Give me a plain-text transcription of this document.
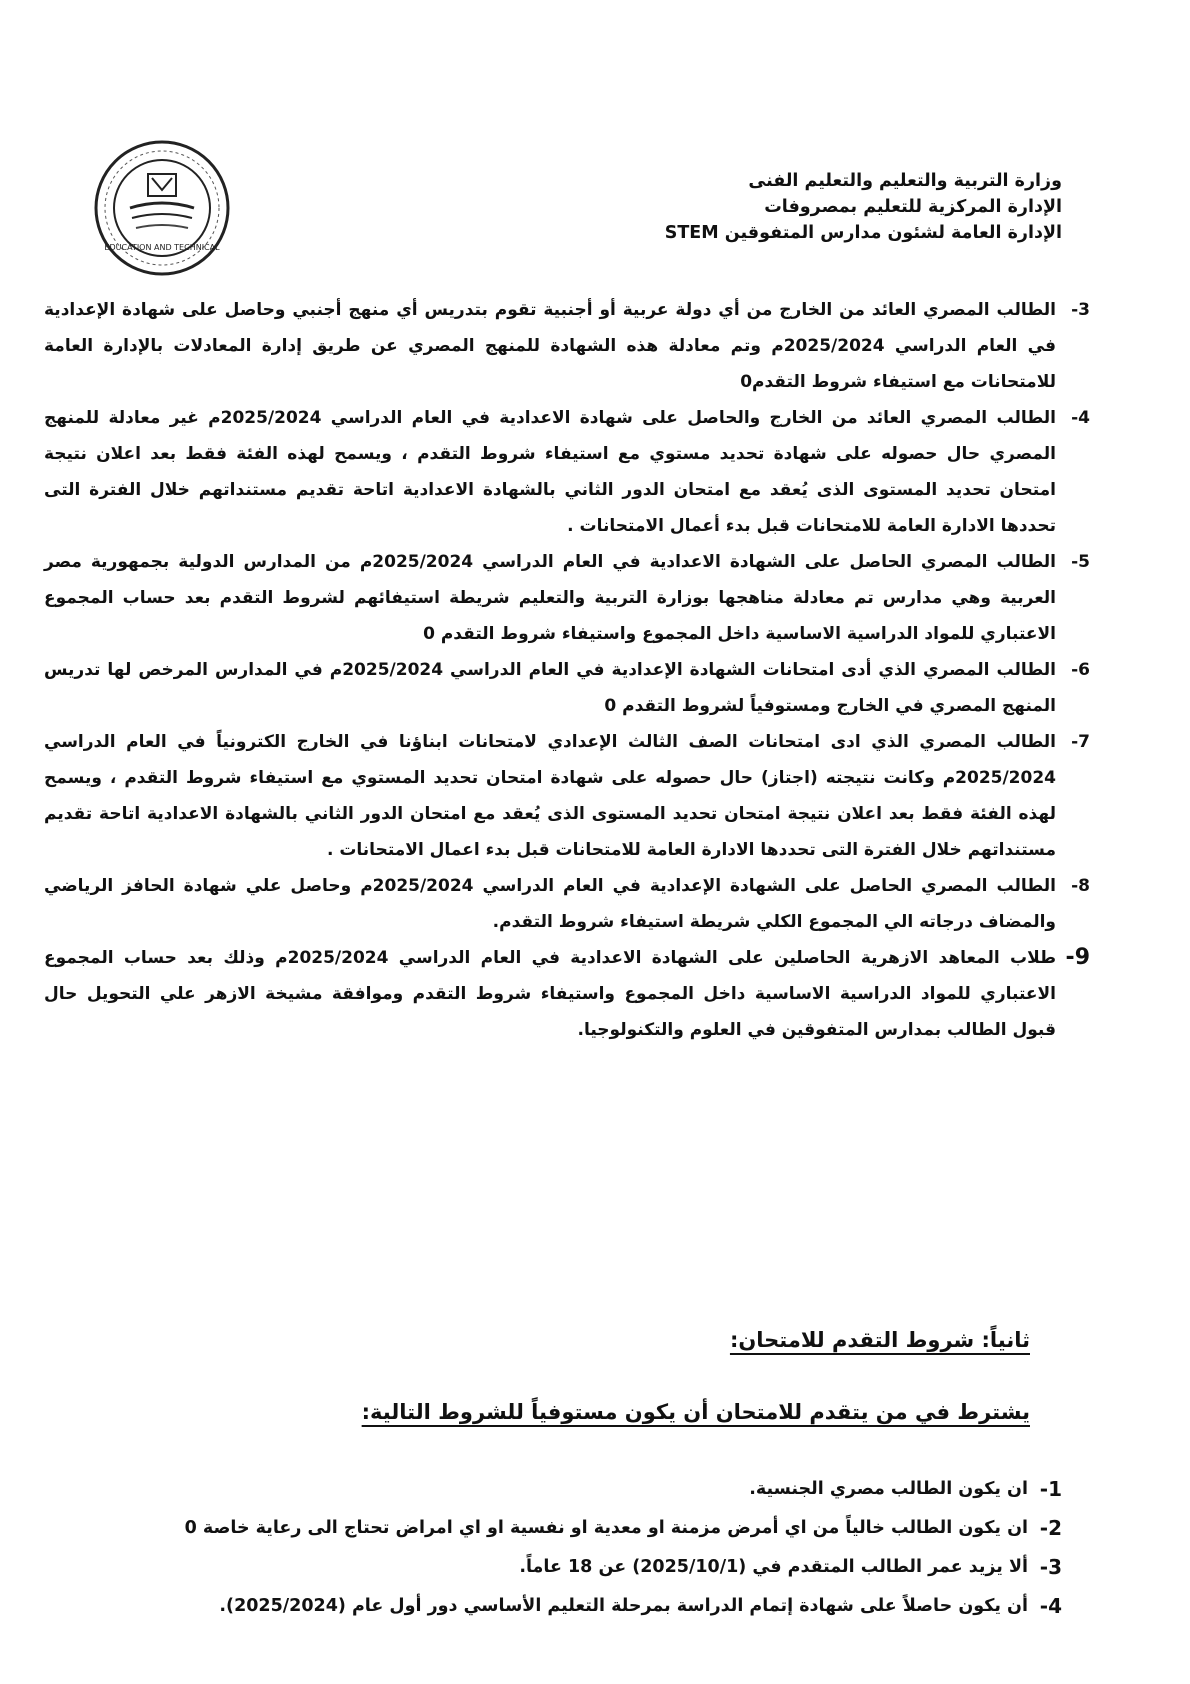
EDUCATION AND TECHNICAL
وزارة التربية والتعليم والتعليم الفنى
الإدارة المركزية للتعليم بمصروفات
الإدارة العامة لشئون مدارس المتفوقين STEM
3-
الطالب المصري العائد من الخارج من أي دولة عربية أو أجنبية تقوم بتدريس أي منهج أجنبي وحاصل على شهادة الإعدادية في العام الدراسي 2025/2024م وتم معادلة هذه الشهادة للمنهج المصري عن طريق إدارة المعادلات بالإدارة العامة للامتحانات مع استيفاء شروط التقدم0
4-
الطالب المصري العائد من الخارج والحاصل على شهادة الاعدادية في العام الدراسي 2025/2024م غير معادلة للمنهج المصري حال حصوله على شهادة تحديد مستوي مع استيفاء شروط التقدم ، ويسمح لهذه الفئة فقط بعد اعلان نتيجة امتحان تحديد المستوى الذى يُعقد مع امتحان الدور الثاني بالشهادة الاعدادية اتاحة تقديم مستنداتهم خلال الفترة التى تحددها الادارة العامة للامتحانات قبل بدء أعمال الامتحانات .
5-
الطالب المصري الحاصل على الشهادة الاعدادية في العام الدراسي 2025/2024م من المدارس الدولية بجمهورية مصر العربية وهي مدارس تم معادلة مناهجها بوزارة التربية والتعليم شريطة استيفائهم لشروط التقدم بعد حساب المجموع الاعتباري للمواد الدراسية الاساسية داخل المجموع واستيفاء شروط التقدم 0
6-
الطالب المصري الذي أدى امتحانات الشهادة الإعدادية في العام الدراسي 2025/2024م في المدارس المرخص لها تدريس المنهج المصري في الخارج ومستوفياً لشروط التقدم 0
7-
الطالب المصري الذي ادى امتحانات الصف الثالث الإعدادي لامتحانات ابناؤنا في الخارج الكترونياً في العام الدراسي 2025/2024م وكانت نتيجته (اجتاز) حال حصوله على شهادة امتحان تحديد المستوي مع استيفاء شروط التقدم ، ويسمح لهذه الفئة فقط بعد اعلان نتيجة امتحان تحديد المستوى الذى يُعقد مع امتحان الدور الثاني بالشهادة الاعدادية اتاحة تقديم مستنداتهم خلال الفترة التى تحددها الادارة العامة للامتحانات قبل بدء اعمال الامتحانات .
8-
الطالب المصري الحاصل على الشهادة الإعدادية في العام الدراسي 2025/2024م وحاصل علي شهادة الحافز الرياضي والمضاف درجاته الي المجموع الكلي شريطة استيفاء شروط التقدم.
9-
طلاب المعاهد الازهرية الحاصلين على الشهادة الاعدادية في العام الدراسي 2025/2024م وذلك بعد حساب المجموع الاعتباري للمواد الدراسية الاساسية داخل المجموع واستيفاء شروط التقدم وموافقة مشيخة الازهر علي التحويل حال قبول الطالب بمدارس المتفوقين في العلوم والتكنولوجيا.
ثانياً: شروط التقدم للامتحان:
يشترط في من يتقدم للامتحان أن يكون مستوفياً للشروط التالية:
1-
ان يكون الطالب مصري الجنسية.
2-
ان يكون الطالب خالياً من اي أمرض مزمنة او معدية او نفسية او اي امراض تحتاج الى رعاية خاصة 0
3-
ألا يزيد عمر الطالب المتقدم في (2025/10/1) عن 18 عاماً.
4-
أن يكون حاصلاً على شهادة إتمام الدراسة بمرحلة التعليم الأساسي دور أول عام (2025/2024).
